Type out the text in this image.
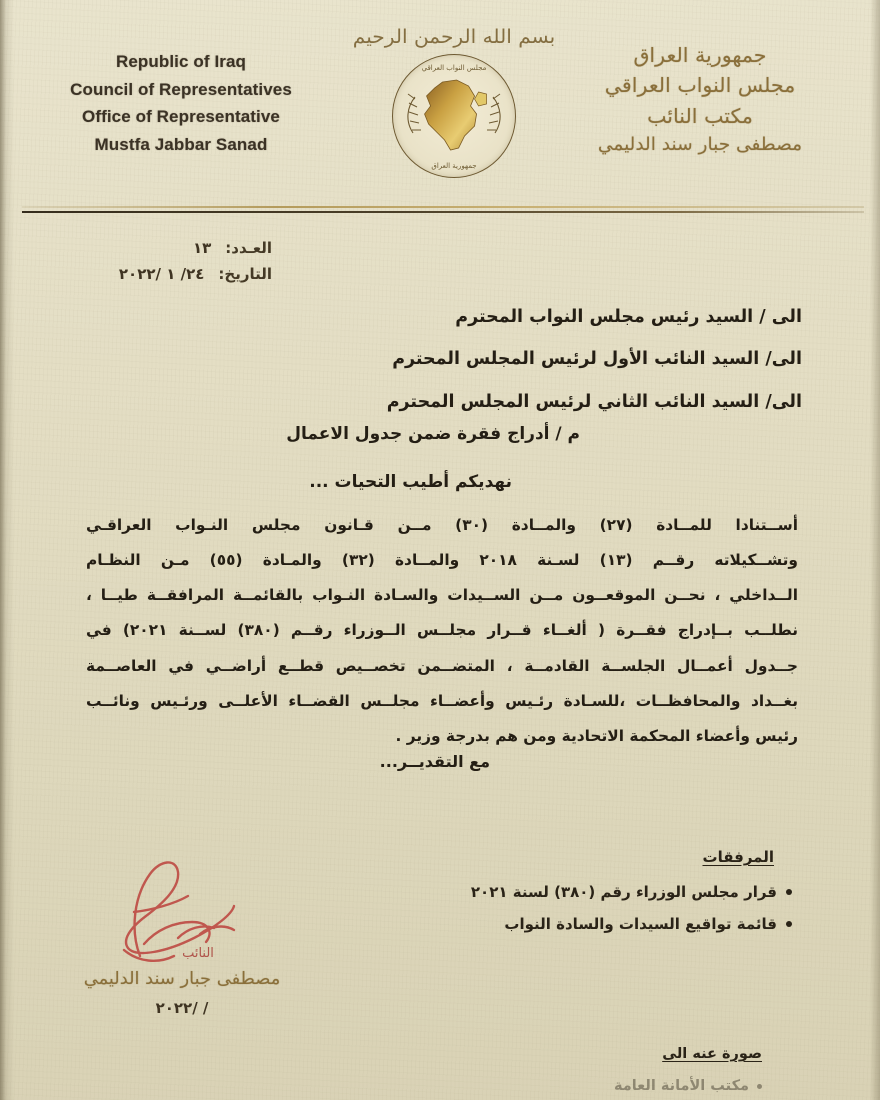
Republic of Iraq
Council of Representatives
Office of Representative
Mustfa Jabbar Sanad
بسم الله الرحمن الرحيم
مجلس النواب العراقي
جمهورية العراق
جمهورية العراق
مجلس النواب العراقي
مكتب النائب
مصطفى جبار سند الدليمي
العـدد:
١٣
التاريخ:
٢٤/ ١ /٢٠٢٢
الى / السيد رئيس مجلس النواب المحترم
الى/ السيد النائب الأول لرئيس المجلس المحترم
الى/ السيد النائب الثاني لرئيس المجلس المحترم
م / أدراج فقرة ضمن جدول الاعمال
نهديكم أطيب التحيات ...

أســتنادا للمــادة (٢٧) والمــادة (٣٠) مــن قـانون مجلس النـواب العراقـي

وتشــكيلاته رقــم (١٣) لسـنة ٢٠١٨ والمــادة (٣٢) والمـادة (٥٥) مـن النظـام

الــداخلي ، نحــن الموقعــون مــن الســيدات والسـادة النـواب بالقائمــة المرافقــة طيــا ،

نطلــب بــإدراج فقــرة ( ألغــاء قــرار مجلــس الــوزراء رقــم (٣٨٠) لســنة ٢٠٢١) في

جــدول أعمــال الجلســة القادمــة ، المتضــمن تخصــيص قطــع أراضــي في العاصــمة

بغــداد والمحافظــات ،للسـادة رئـيس وأعضــاء مجلــس القضــاء الأعلــى ورئـيس ونائــب

رئيس وأعضاء المحكمة الاتحادية ومن هم بدرجة وزير .

مع التقديــر...
المرفقات
قرار مجلس الوزراء رقم (٣٨٠) لسنة ٢٠٢١
قائمة تواقيع السيدات والسادة النواب
النائب
مصطفى جبار سند الدليمي
/ /٢٠٢٢
صورة عنه الى
مكتب الأمانة العامة
